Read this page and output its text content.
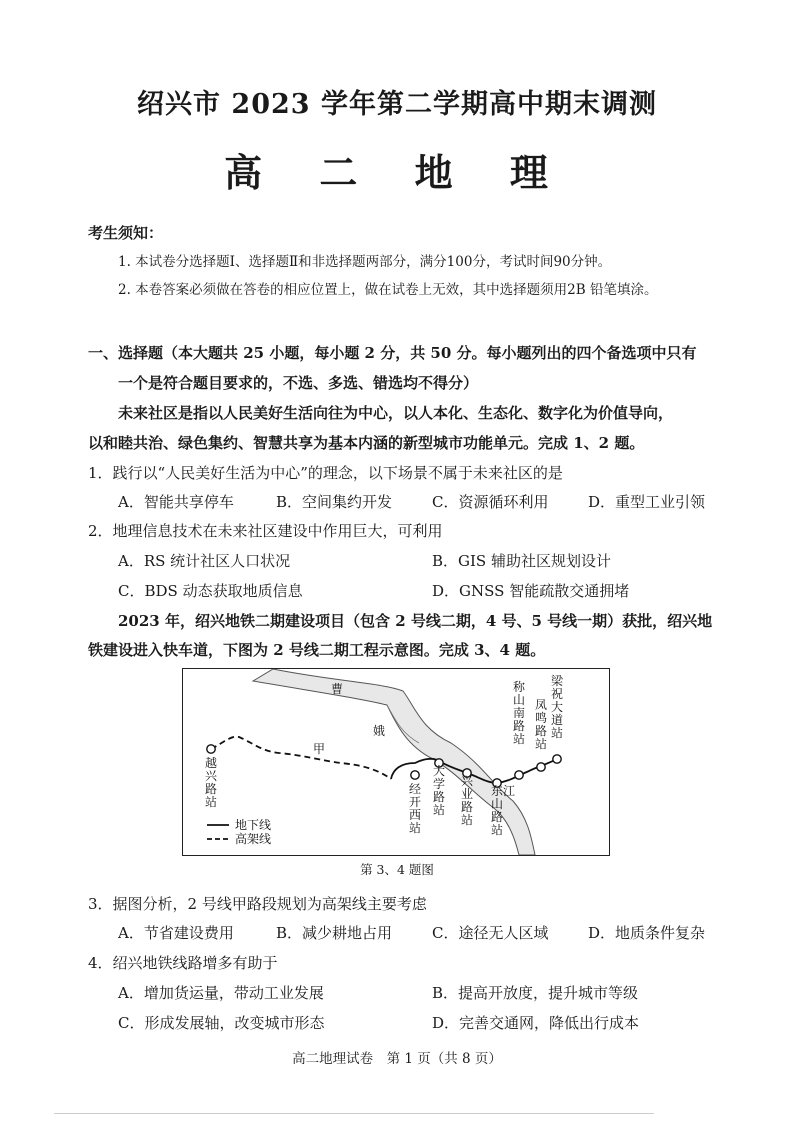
绍兴市 2023 学年第二学期高中期末调测
高 二 地 理
考生须知：
1. 本试卷分选择题Ⅰ、选择题Ⅱ和非选择题两部分，满分100分，考试时间90分钟。
2. 本卷答案必须做在答卷的相应位置上，做在试卷上无效，其中选择题须用2B 铅笔填涂。
一、选择题（本大题共 25 小题，每小题 2 分，共 50 分。每小题列出的四个备选项中只有
一个是符合题目要求的，不选、多选、错选均不得分）
未来社区是指以人民美好生活向往为中心，以人本化、生态化、数字化为价值导向，
以和睦共治、绿色集约、智慧共享为基本内涵的新型城市功能单元。完成 1、2 题。
1．践行以“人民美好生活为中心”的理念，以下场景不属于未来社区的是
A．智能共享停车	B．空间集约开发	C．资源循环利用	D．重型工业引领
2．地理信息技术在未来社区建设中作用巨大，可利用
A．RS 统计社区人口状况	B．GIS 辅助社区规划设计
C．BDS 动态获取地质信息	D．GNSS 智能疏散交通拥堵
2023 年，绍兴地铁二期建设项目（包含 2 号线二期，4 号、5 号线一期）获批，绍兴地
铁建设进入快车道，下图为 2 号线二期工程示意图。完成 3、4 题。
曹
娥
江
甲
越兴路站
经开西站
大学路站
兴业路站
东山路站
称山南路站
凤鸣路站
梁祝大道站
地下线
高架线
第 3、4 题图
3．据图分析，2 号线甲路段规划为高架线主要考虑
A．节省建设费用	B．减少耕地占用	C．途径无人区域	D．地质条件复杂
4．绍兴地铁线路增多有助于
A．增加货运量，带动工业发展	B．提高开放度，提升城市等级
C．形成发展轴，改变城市形态	D．完善交通网，降低出行成本
高二地理试卷　第 1 页（共 8 页）
